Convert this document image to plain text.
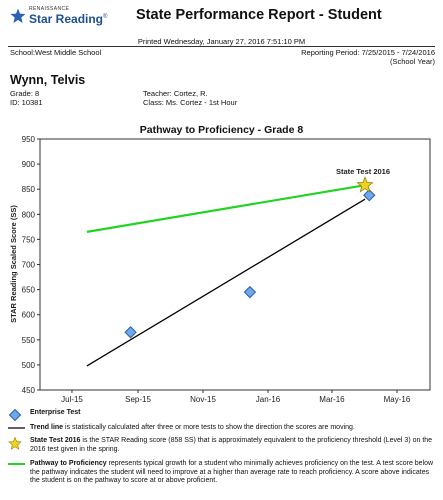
RENAISSANCE
Star Reading® State Performance Report - Student
Printed Wednesday, January 27, 2016 7:51:10 PM
School:West Middle School	Reporting Period: 7/25/2015 - 7/24/2016
(School Year)
Wynn, Telvis
Grade: 8
ID: 10381
Teacher: Cortez, R.
Class: Ms. Cortez - 1st Hour
Pathway to Proficiency - Grade 8
450
500
550
600
650
700
750
800
850
900
950
Jul-15	Sep-15	Nov-15	Jan-16	Mar-16	May-16
STAR Reading Scaled Score (SS)
State Test 2016
Enterprise Test
Trend line is statistically calculated after three or more tests to show the direction the scores are moving.
State Test 2016 is the STAR Reading score (858 SS) that is approximately equivalent to the proficiency threshold (Level 3) on the 2016 test given in the spring.
Pathway to Proficiency represents typical growth for a student who minimally achieves proficiency on the test. A test score below the pathway indicates the student will need to improve at a higher than average rate to reach proficiency. A score above indicates the student is on the pathway to score at or above proficient.
